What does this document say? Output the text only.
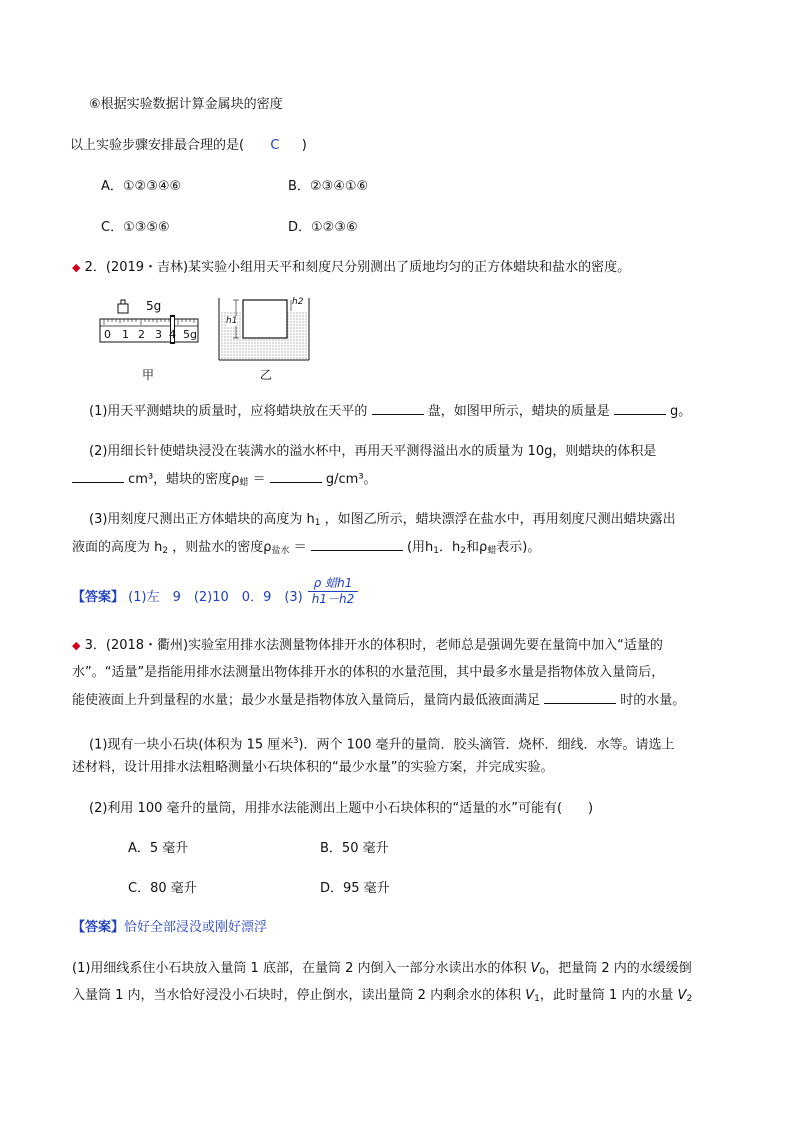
⑥根据实验数据计算金属块的密度
以上实验步骤安排最合理的是( C )
A．①②③④⑥	B．②③④①⑥
C．①③⑤⑥	D．①②③⑥
◆ 2．(2019・吉林)某实验小组用天平和刻度尺分别测出了质地均匀的正方体蜡块和盐水的密度。
5g
0 1 2 3 4 5g
甲
h1
h2
乙
(1)用天平测蜡块的质量时，应将蜡块放在天平的	盘，如图甲所示，蜡块的质量是	g。
(2)用细长针使蜡块浸没在装满水的溢水杯中，再用天平测得溢出水的质量为 10g，则蜡块的体积是
cm³，蜡块的密度$\rho_蜡$ ＝	g/cm³。
(3)用刻度尺测出正方体蜡块的高度为 $h_1$ ，如图乙所示，蜡块漂浮在盐水中，再用刻度尺测出蜡块露出
液面的高度为 $h_2$ ，则盐水的密度$\rho_{盐水}$ ＝	(用$h_1$．$h_2$和$\rho_蜡$表示)。
【答案】 (1)左　9　(2)10　0．9　(3)
ρ 蜡h1
h1－h2
◆ 3．(2018・衢州)实验室用排水法测量物体排开水的体积时，老师总是强调先要在量筒中加入“适量的
水”。“适量”是指能用排水法测量出物体排开水的体积的水量范围，其中最多水量是指物体放入量筒后，
能使液面上升到量程的水量；最少水量是指物体放入量筒后，量筒内最低液面满足	时的水量。
(1)现有一块小石块(体积为 15 厘米$^3$)．两个 100 毫升的量筒．胶头滴管．烧杯．细线．水等。请选上
述材料，设计用排水法粗略测量小石块体积的“最少水量”的实验方案，并完成实验。
(2)利用 100 毫升的量筒，用排水法能测出上题中小石块体积的“适量的水”可能有(　　)
A．5 毫升	B．50 毫升
C．80 毫升	D．95 毫升
【答案】恰好全部浸没或刚好漂浮
(1)用细线系住小石块放入量筒 1 底部，在量筒 2 内倒入一部分水读出水的体积 $V_0$，把量筒 2 内的水缓缓倒
入量筒 1 内，当水恰好浸没小石块时，停止倒水，读出量筒 2 内剩余水的体积 $V_1$，此时量筒 1 内的水量 $V_2$
